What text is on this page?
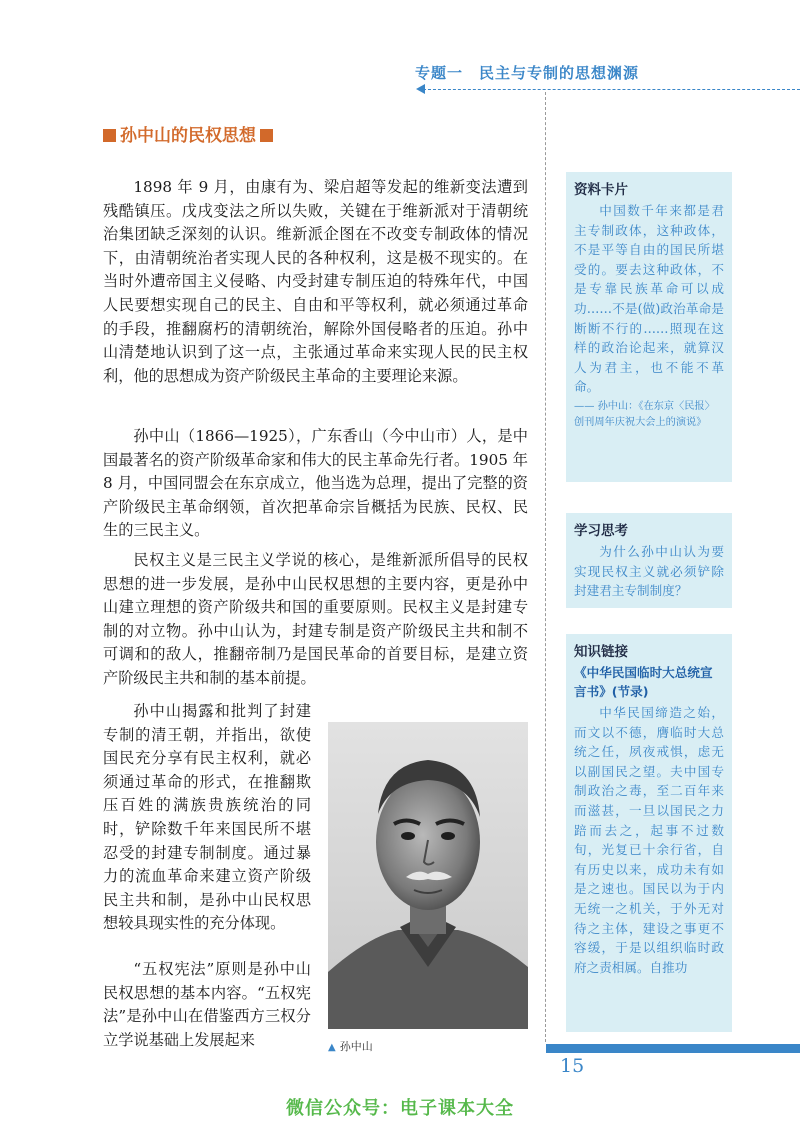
专题一　民主与专制的思想渊源
孙中山的民权思想

1898 年 9 月，由康有为、梁启超等发起的维新变法遭到残酷镇压。戊戌变法之所以失败，关键在于维新派对于清朝统治集团缺乏深刻的认识。维新派企图在不改变专制政体的情况下，由清朝统治者实现人民的各种权利，这是极不现实的。在当时外遭帝国主义侵略、内受封建专制压迫的特殊年代，中国人民要想实现自己的民主、自由和平等权利，就必须通过革命的手段，推翻腐朽的清朝统治，解除外国侵略者的压迫。孙中山清楚地认识到了这一点，主张通过革命来实现人民的民主权利，他的思想成为资产阶级民主革命的主要理论来源。

孙中山（1866—1925），广东香山（今中山市）人，是中国最著名的资产阶级革命家和伟大的民主革命先行者。1905 年 8 月，中国同盟会在东京成立，他当选为总理，提出了完整的资产阶级民主革命纲领，首次把革命宗旨概括为民族、民权、民生的三民主义。

民权主义是三民主义学说的核心，是维新派所倡导的民权思想的进一步发展，是孙中山民权思想的主要内容，更是孙中山建立理想的资产阶级共和国的重要原则。民权主义是封建专制的对立物。孙中山认为，封建专制是资产阶级民主共和制不可调和的敌人，推翻帝制乃是国民革命的首要目标，是建立资产阶级民主共和制的基本前提。

孙中山揭露和批判了封建专制的清王朝，并指出，欲使国民充分享有民主权利，就必须通过革命的形式，在推翻欺压百姓的满族贵族统治的同时，铲除数千年来国民所不堪忍受的封建专制制度。通过暴力的流血革命来建立资产阶级民主共和制，是孙中山民权思想较具现实性的充分体现。

“五权宪法”原则是孙中山民权思想的基本内容。“五权宪法”是孙中山在借鉴西方三权分立学说基础上发展起来	▲ 孙中山
资料卡片

中国数千年来都是君主专制政体，这种政体，不是平等自由的国民所堪受的。要去这种政体，不是专靠民族革命可以成功……不是(做)政治革命是断断不行的……照现在这样的政治论起来，就算汉人为君主，也不能不革命。

—— 孙中山：《在东京〈民报〉创刊周年庆祝大会上的演说》

学习思考

为什么孙中山认为要实现民权主义就必须铲除封建君主专制制度？

知识链接
《中华民国临时大总统宣言书》(节录)

中华民国缔造之始，而文以不德，膺临时大总统之任，夙夜戒惧，虑无以副国民之望。夫中国专制政治之毒，至二百年来而滋甚，一旦以国民之力踣而去之，起事不过数旬，光复已十余行省，自有历史以来，成功未有如是之速也。国民以为于内无统一之机关，于外无对待之主体，建设之事更不容缓，于是以组织临时政府之责相属。自推功

15
微信公众号：电子课本大全
